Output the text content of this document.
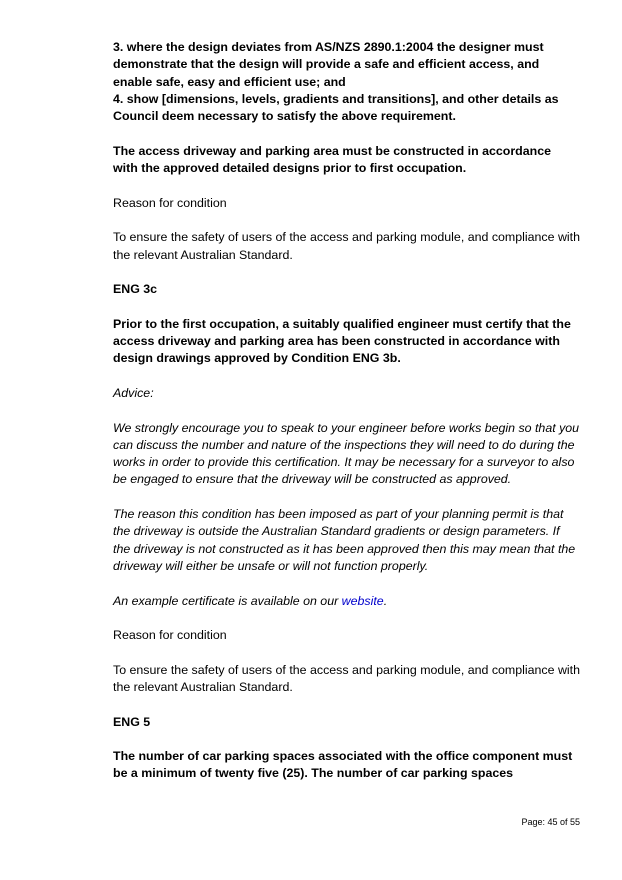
3. where the design deviates from AS/NZS 2890.1:2004 the designer must
demonstrate that the design will provide a safe and efficient access, and
enable safe, easy and efficient use; and

4. show [dimensions, levels, gradients and transitions], and other details as
Council deem necessary to satisfy the above requirement.

The access driveway and parking area must be constructed in accordance
with the approved detailed designs prior to first occupation.

Reason for condition

To ensure the safety of users of the access and parking module, and compliance with
the relevant Australian Standard.

ENG 3c

Prior to the first occupation, a suitably qualified engineer must certify that the
access driveway and parking area has been constructed in accordance with
design drawings approved by Condition ENG 3b.

Advice:

We strongly encourage you to speak to your engineer before works begin so that you
can discuss the number and nature of the inspections they will need to do during the
works in order to provide this certification. It may be necessary for a surveyor to also
be engaged to ensure that the driveway will be constructed as approved.

The reason this condition has been imposed as part of your planning permit is that
the driveway is outside the Australian Standard gradients or design parameters. If
the driveway is not constructed as it has been approved then this may mean that the
driveway will either be unsafe or will not function properly.

An example certificate is available on our website.

Reason for condition

To ensure the safety of users of the access and parking module, and compliance with
the relevant Australian Standard.

ENG 5

The number of car parking spaces associated with the office component must
be a minimum of twenty five (25). The number of car parking spaces

Page: 45 of 55
